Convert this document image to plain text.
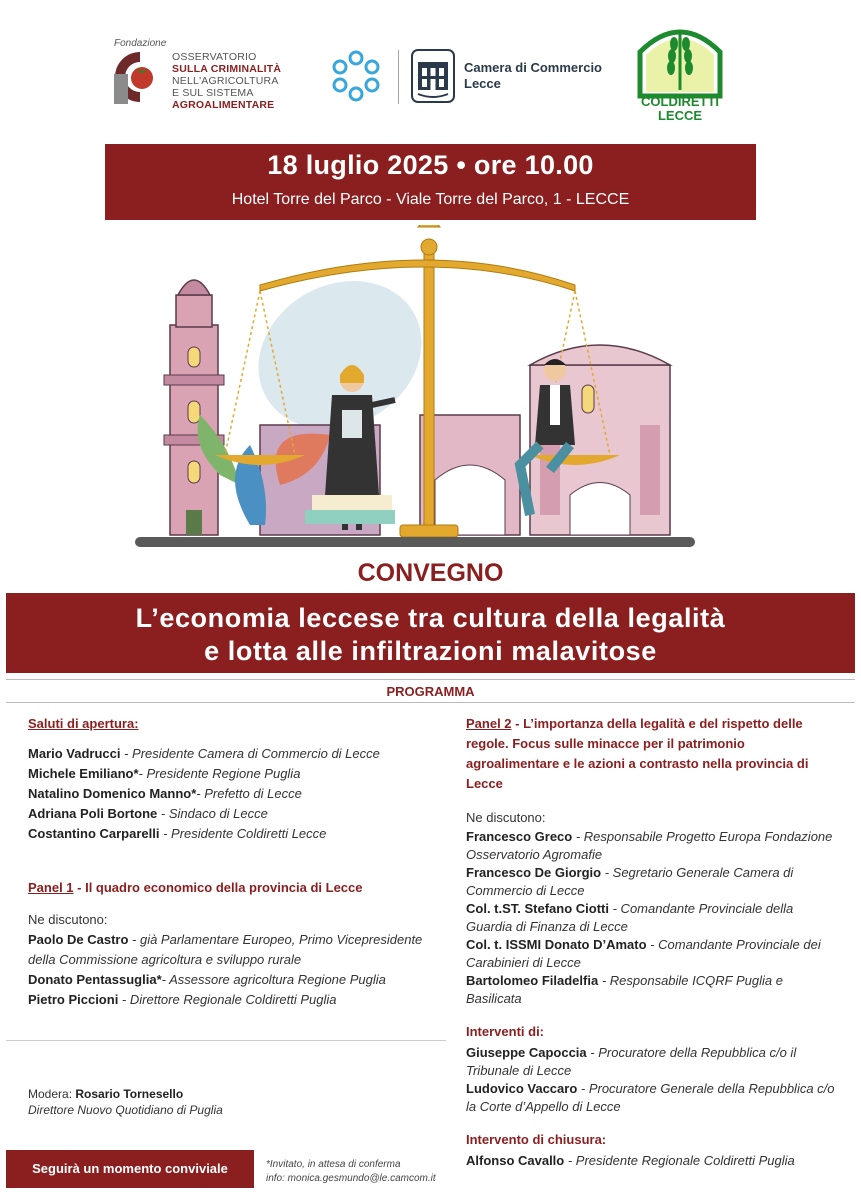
Fondazione
OSSERVATORIO
SULLA CRIMINALITÀ
NELL'AGRICOLTURA
E SUL SISTEMA
AGROALIMENTARE
Camera di Commercio
Lecce
COLDIRETTI
LECCE
18 luglio 2025 • ore 10.00
Hotel Torre del Parco - Viale Torre del Parco, 1 - LECCE
CONVEGNO
L’economia leccese tra cultura della legalità
e lotta alle infiltrazioni malavitose
PROGRAMMA
Saluti di apertura:
Mario Vadrucci - Presidente Camera di Commercio di Lecce
Michele Emiliano*- Presidente Regione Puglia
Natalino Domenico Manno*- Prefetto di Lecce
Adriana Poli Bortone - Sindaco di Lecce
Costantino Carparelli - Presidente Coldiretti Lecce
Panel 1 - Il quadro economico della provincia di Lecce
Ne discutono:
Paolo De Castro - già Parlamentare Europeo, Primo Vicepresidente della Commissione agricoltura e sviluppo rurale
Donato Pentassuglia*- Assessore agricoltura Regione Puglia
Pietro Piccioni - Direttore Regionale Coldiretti Puglia
Modera: Rosario Tornesello
Direttore Nuovo Quotidiano di Puglia
Panel 2 - L’importanza della legalità e del rispetto delle regole. Focus sulle minacce per il patrimonio agroalimentare e le azioni a contrasto nella provincia di Lecce
Ne discutono:
Francesco Greco - Responsabile Progetto Europa Fondazione Osservatorio Agromafie
Francesco De Giorgio - Segretario Generale Camera di Commercio di Lecce
Col. t.ST. Stefano Ciotti - Comandante Provinciale della Guardia di Finanza di Lecce
Col. t. ISSMI Donato D’Amato - Comandante Provinciale dei Carabinieri di Lecce
Bartolomeo Filadelfia - Responsabile ICQRF Puglia e Basilicata
Interventi di:
Giuseppe Capoccia - Procuratore della Repubblica c/o il Tribunale di Lecce
Ludovico Vaccaro - Procuratore Generale della Repubblica c/o la Corte d’Appello di Lecce
Intervento di chiusura:
Alfonso Cavallo - Presidente Regionale Coldiretti Puglia
Seguirà un momento conviviale	*Invitato, in attesa di conferma
info: monica.gesmundo@le.camcom.it
